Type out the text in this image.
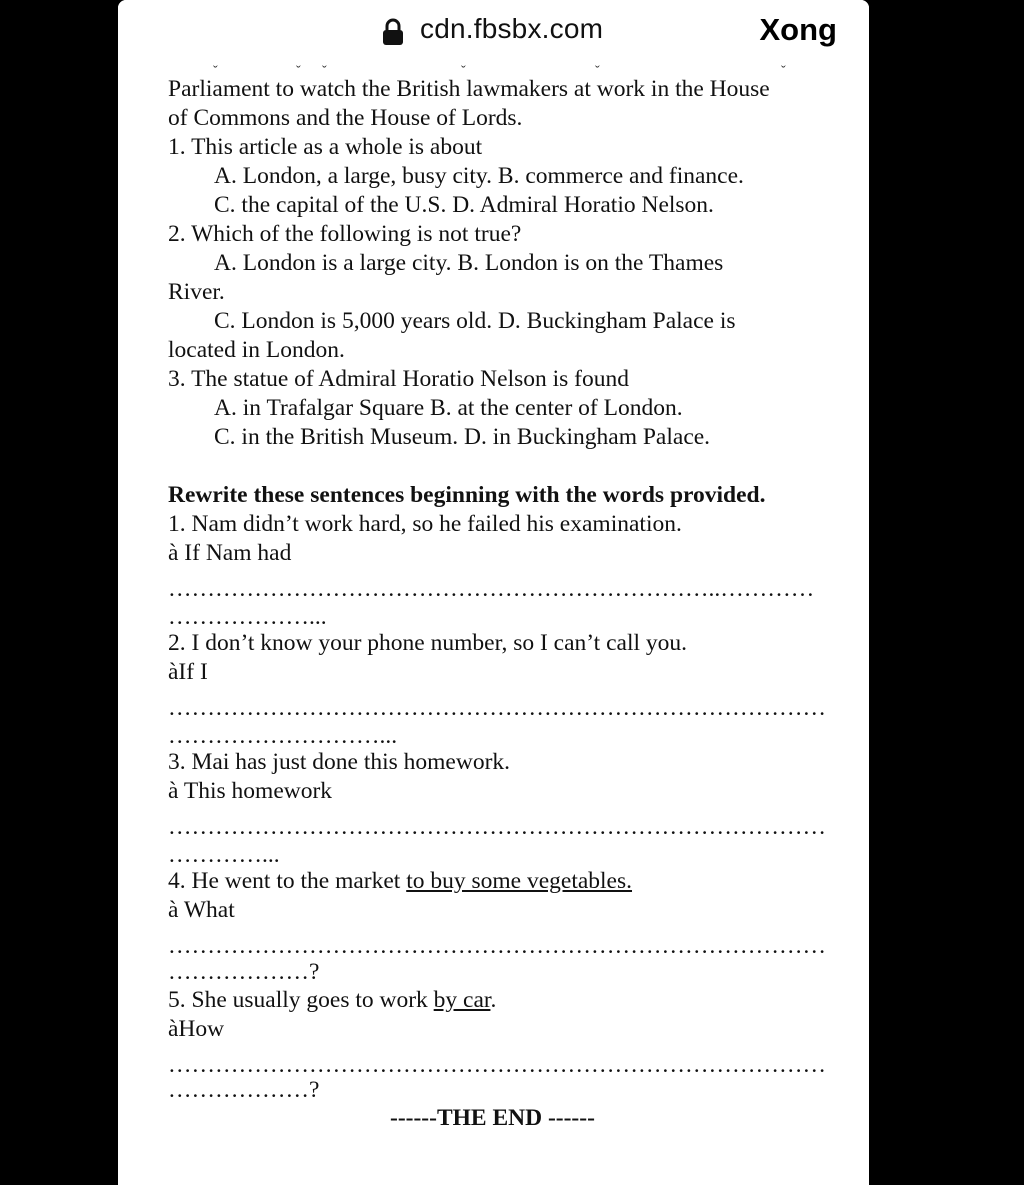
cdn.fbsbx.com	Xong
ˇ	ˇ ˇ	ˇ	ˇ	ˇ
Parliament to watch the British lawmakers at work in the House
of Commons and the House of Lords.
1. This article as a whole is about
A. London, a large, busy city. B. commerce and finance.
C. the capital of the U.S. D. Admiral Horatio Nelson.
2. Which of the following is not true?
A. London is a large city. B. London is on the Thames
River.
C. London is 5,000 years old. D. Buckingham Palace is
located in London.
3. The statue of Admiral Horatio Nelson is found
A. in Trafalgar Square B. at the center of London.
C. in the British Museum. D. in Buckingham Palace.
Rewrite these sentences beginning with the words provided.
1. Nam didn’t work hard, so he failed his examination.
à If Nam had
……………………………………………………………..…………
………………...
2. I don’t know your phone number, so I can’t call you.
àIf I
…………………………………………………………………………
………………………...
3. Mai has just done this homework.
à This homework
…………………………………………………………………………
…………...
4. He went to the market to buy some vegetables.
à What
…………………………………………………………………………
………………?
5. She usually goes to work by car.
àHow
…………………………………………………………………………
………………?
------THE END ------
